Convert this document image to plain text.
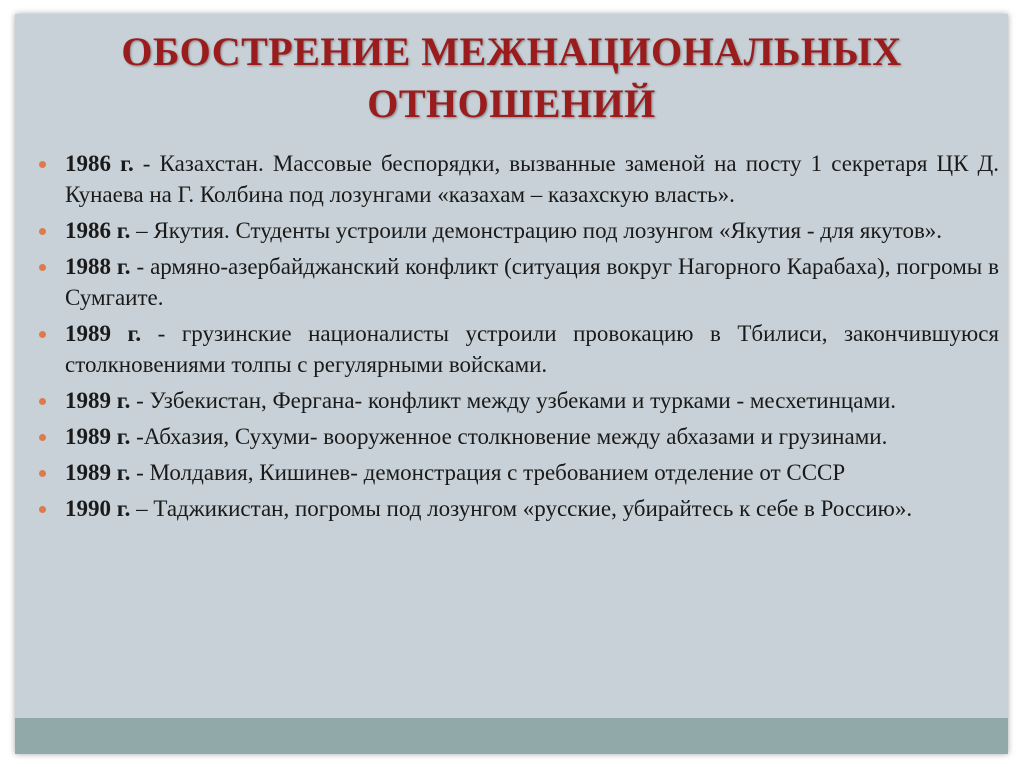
ОБОСТРЕНИЕ МЕЖНАЦИОНАЛЬНЫХ
ОТНОШЕНИЙ
1986 г. - Казахстан. Массовые беспорядки, вызванные заменой на посту 1 секретаря ЦК Д. Кунаева на Г. Колбина под лозунгами «казахам – казахскую власть».
1986 г. – Якутия. Студенты устроили демонстрацию под лозунгом «Якутия - для якутов».
1988 г. - армяно-азербайджанский конфликт (ситуация вокруг Нагорного Карабаха), погромы в Сумгаите.
1989 г. - грузинские националисты устроили провокацию в Тбилиси, закончившуюся столкновениями толпы с регулярными войсками.
1989 г. - Узбекистан, Фергана- конфликт между узбеками и турками - месхетинцами.
1989 г. -Абхазия, Сухуми- вооруженное столкновение между абхазами и грузинами.
1989 г. - Молдавия, Кишинев- демонстрация с требованием отделение от СССР
1990 г. – Таджикистан, погромы под лозунгом «русские, убирайтесь к себе в Россию».
